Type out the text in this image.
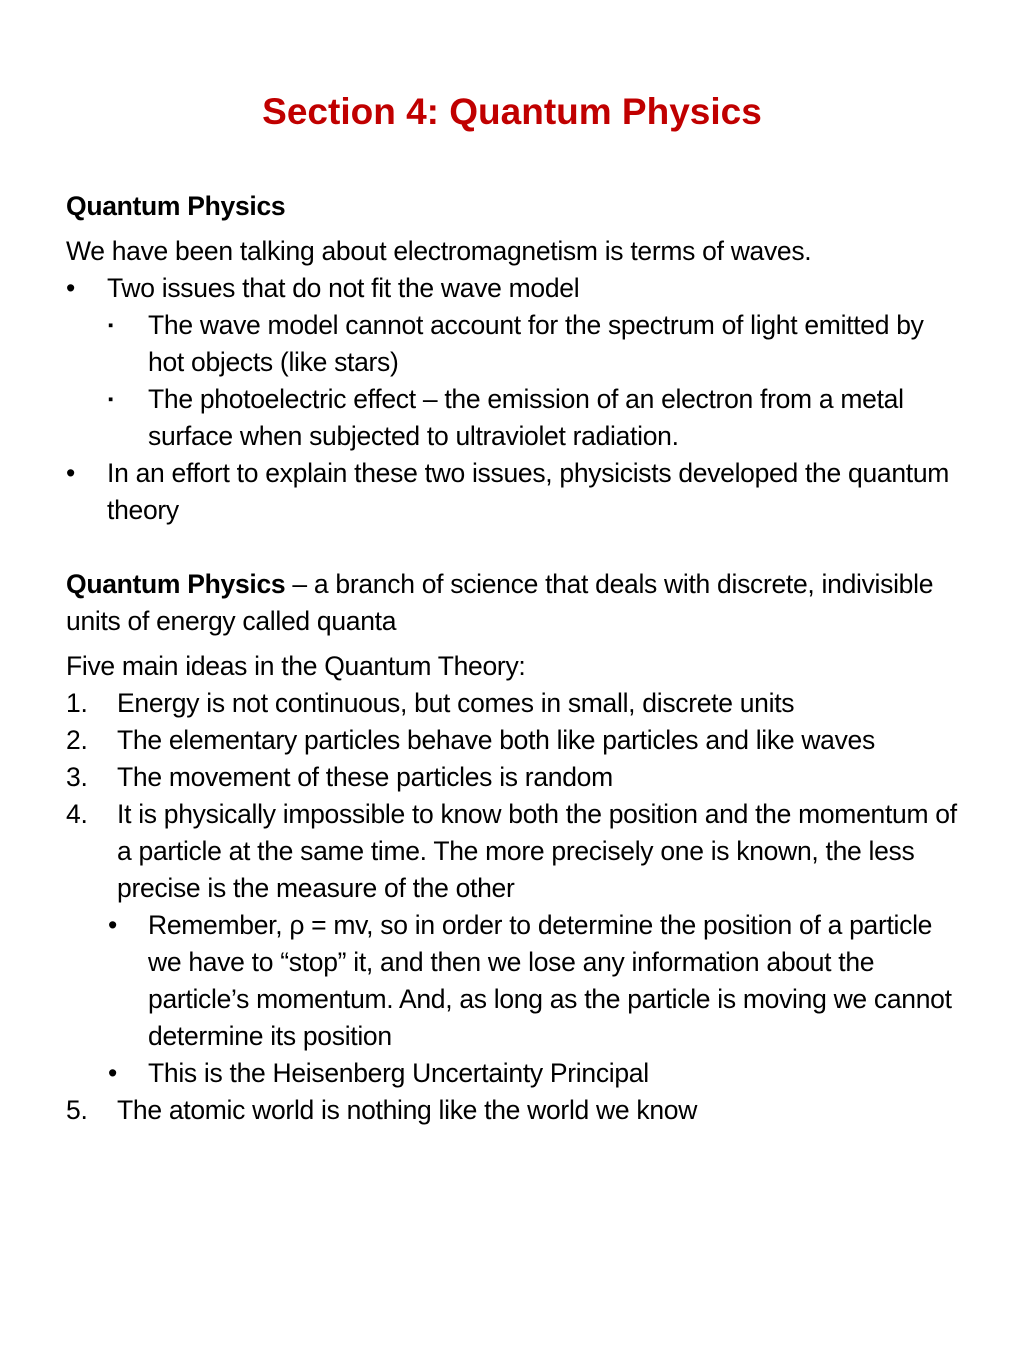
Section 4: Quantum Physics
Quantum Physics
We have been talking about electromagnetism is terms of waves.
• Two issues that do not fit the wave model
▪ The wave model cannot account for the spectrum of light emitted by hot objects (like stars)
▪ The photoelectric effect – the emission of an electron from a metal surface when subjected to ultraviolet radiation.
• In an effort to explain these two issues, physicists developed the quantum theory
Quantum Physics – a branch of science that deals with discrete, indivisible units of energy called quanta
Five main ideas in the Quantum Theory:
1. Energy is not continuous, but comes in small, discrete units
2. The elementary particles behave both like particles and like waves
3. The movement of these particles is random
4. It is physically impossible to know both the position and the momentum of a particle at the same time. The more precisely one is known, the less precise is the measure of the other
• Remember, ρ = mv, so in order to determine the position of a particle we have to “stop” it, and then we lose any information about the particle’s momentum. And, as long as the particle is moving we cannot determine its position
• This is the Heisenberg Uncertainty Principal
5. The atomic world is nothing like the world we know
